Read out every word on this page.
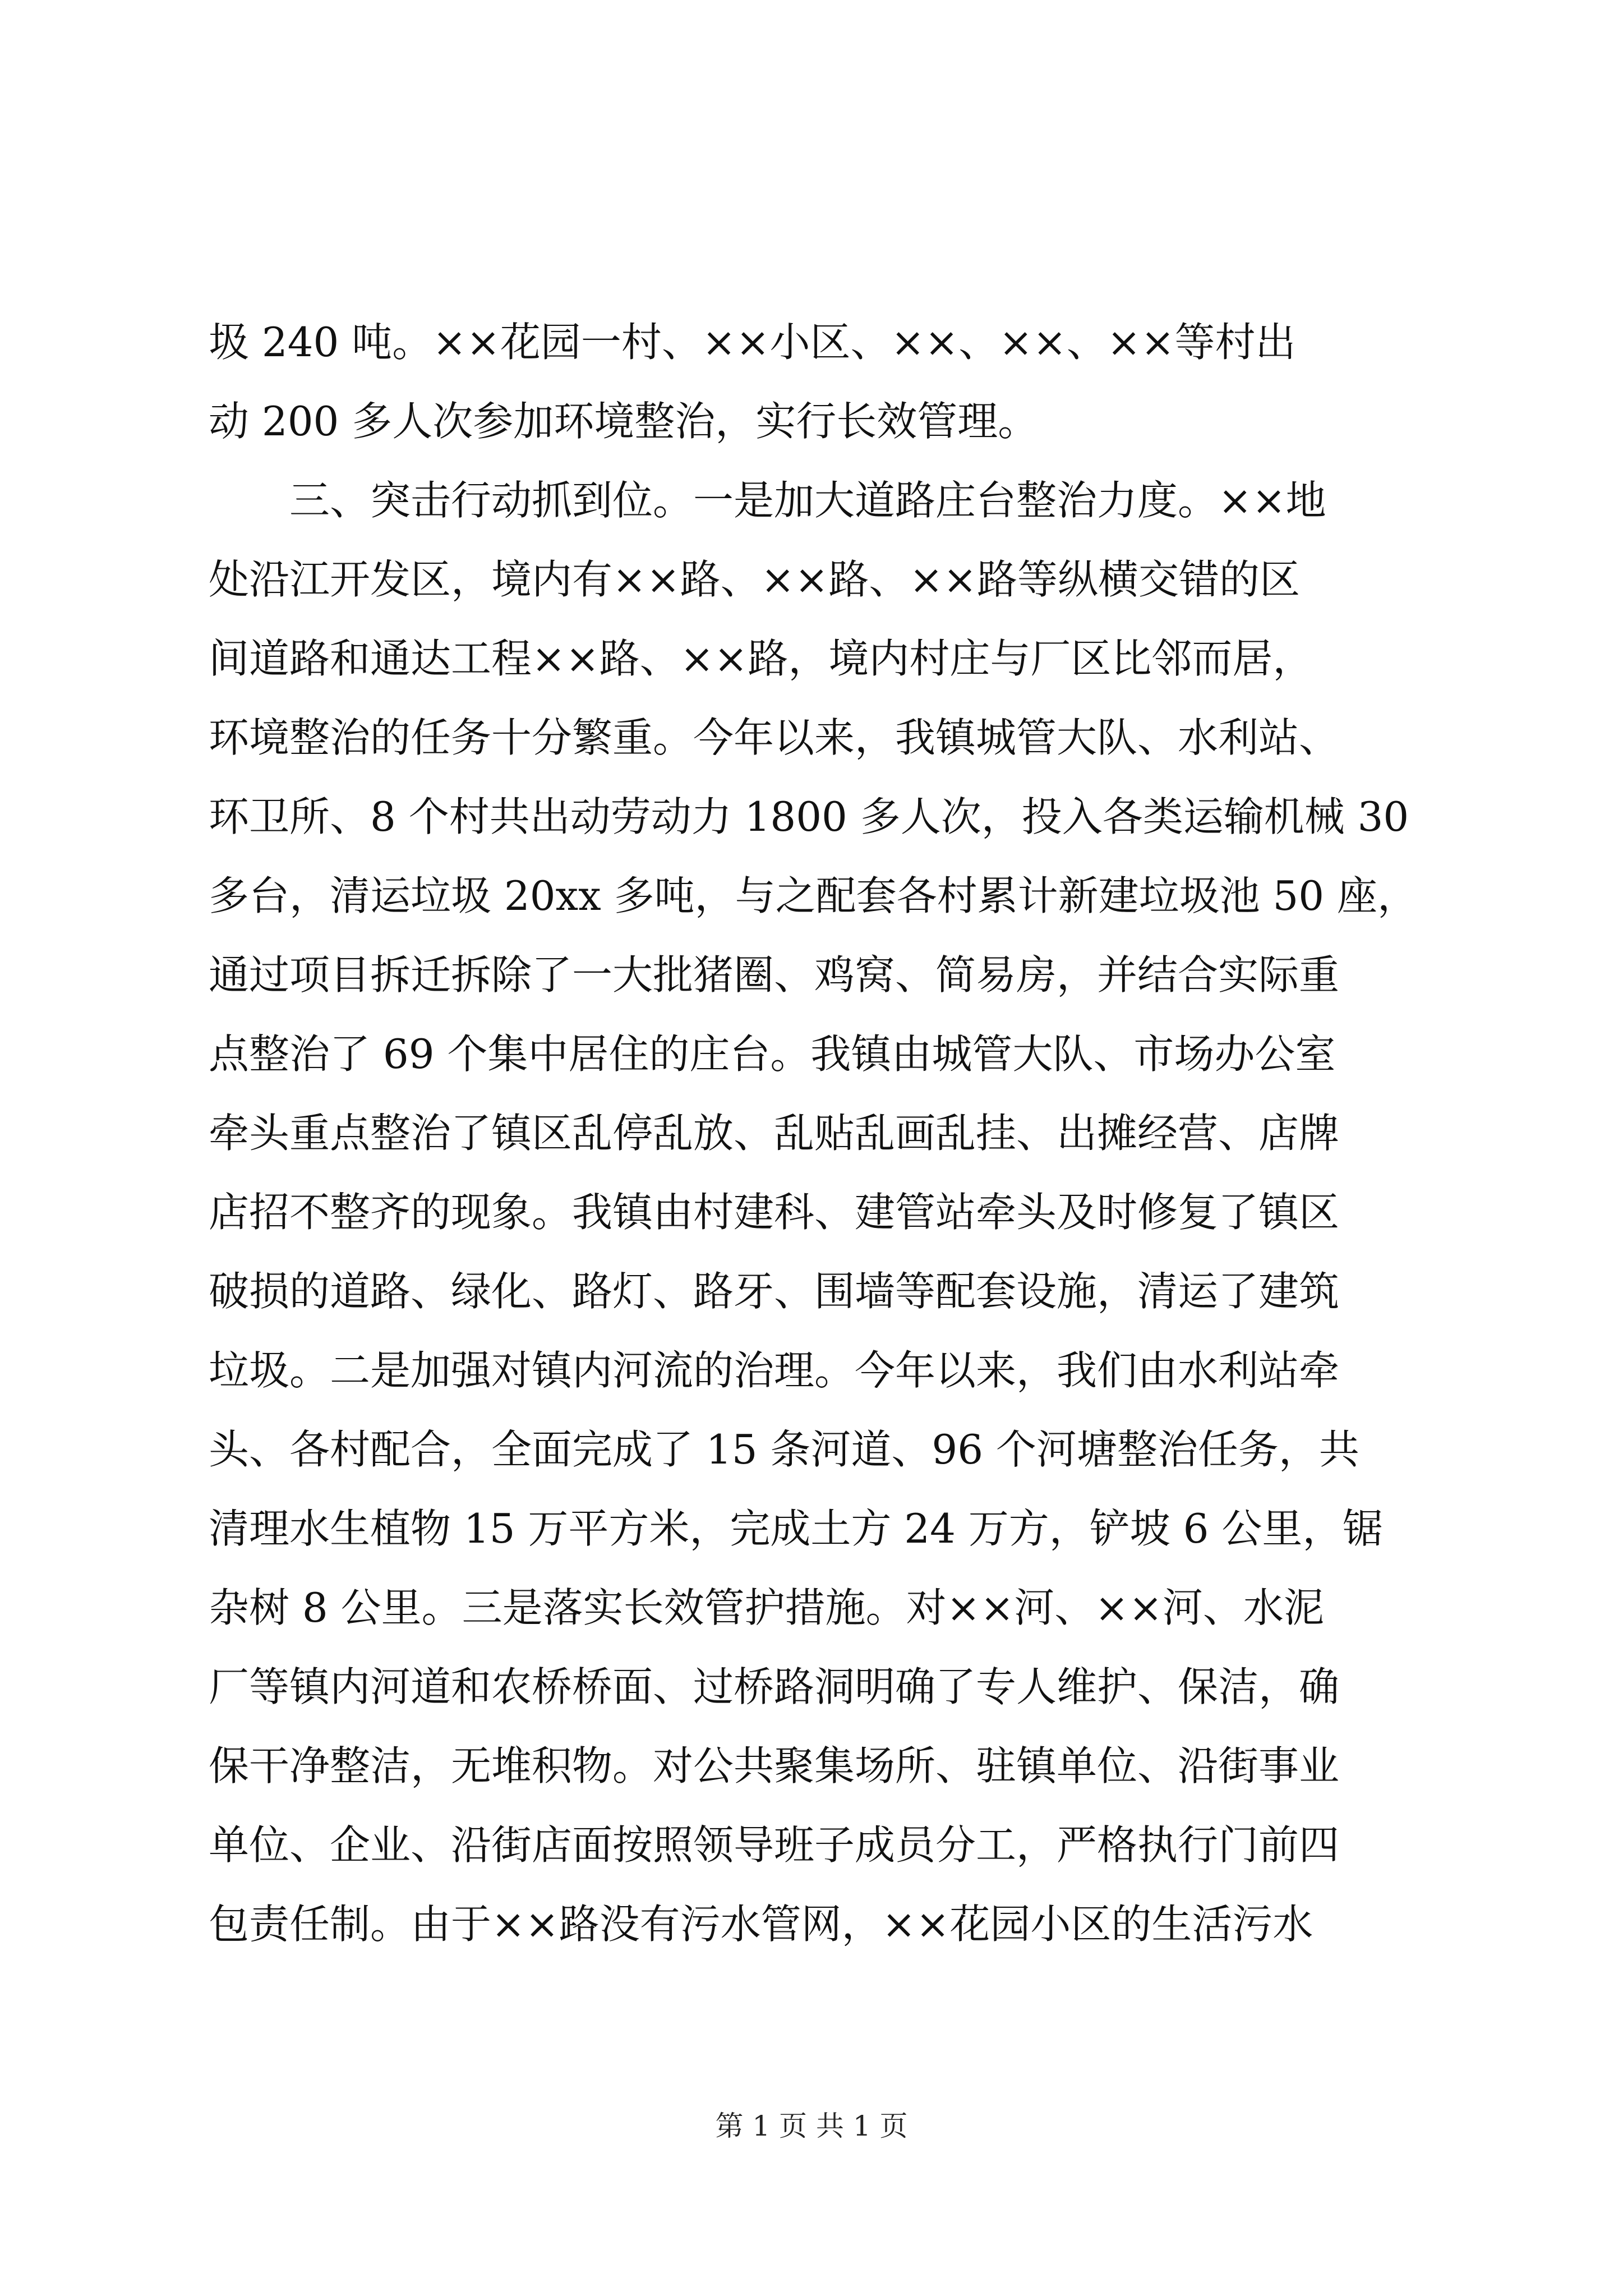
圾 240 吨。××花园一村、××小区、××、××、××等村出
动 200 多人次参加环境整治，实行长效管理。
　　三、突击行动抓到位。一是加大道路庄台整治力度。××地
处沿江开发区，境内有××路、××路、××路等纵横交错的区
间道路和通达工程××路、××路，境内村庄与厂区比邻而居，
环境整治的任务十分繁重。今年以来，我镇城管大队、水利站、
环卫所、8 个村共出动劳动力 1800 多人次，投入各类运输机械 30
多台，清运垃圾 20xx 多吨，与之配套各村累计新建垃圾池 50 座，
通过项目拆迁拆除了一大批猪圈、鸡窝、简易房，并结合实际重
点整治了 69 个集中居住的庄台。我镇由城管大队、市场办公室
牵头重点整治了镇区乱停乱放、乱贴乱画乱挂、出摊经营、店牌
店招不整齐的现象。我镇由村建科、建管站牵头及时修复了镇区
破损的道路、绿化、路灯、路牙、围墙等配套设施，清运了建筑
垃圾。二是加强对镇内河流的治理。今年以来，我们由水利站牵
头、各村配合，全面完成了 15 条河道、96 个河塘整治任务，共
清理水生植物 15 万平方米，完成土方 24 万方，铲坡 6 公里，锯
杂树 8 公里。三是落实长效管护措施。对××河、××河、水泥
厂等镇内河道和农桥桥面、过桥路洞明确了专人维护、保洁，确
保干净整洁，无堆积物。对公共聚集场所、驻镇单位、沿街事业
单位、企业、沿街店面按照领导班子成员分工，严格执行门前四
包责任制。由于××路没有污水管网，××花园小区的生活污水
第 1 页 共 1 页
